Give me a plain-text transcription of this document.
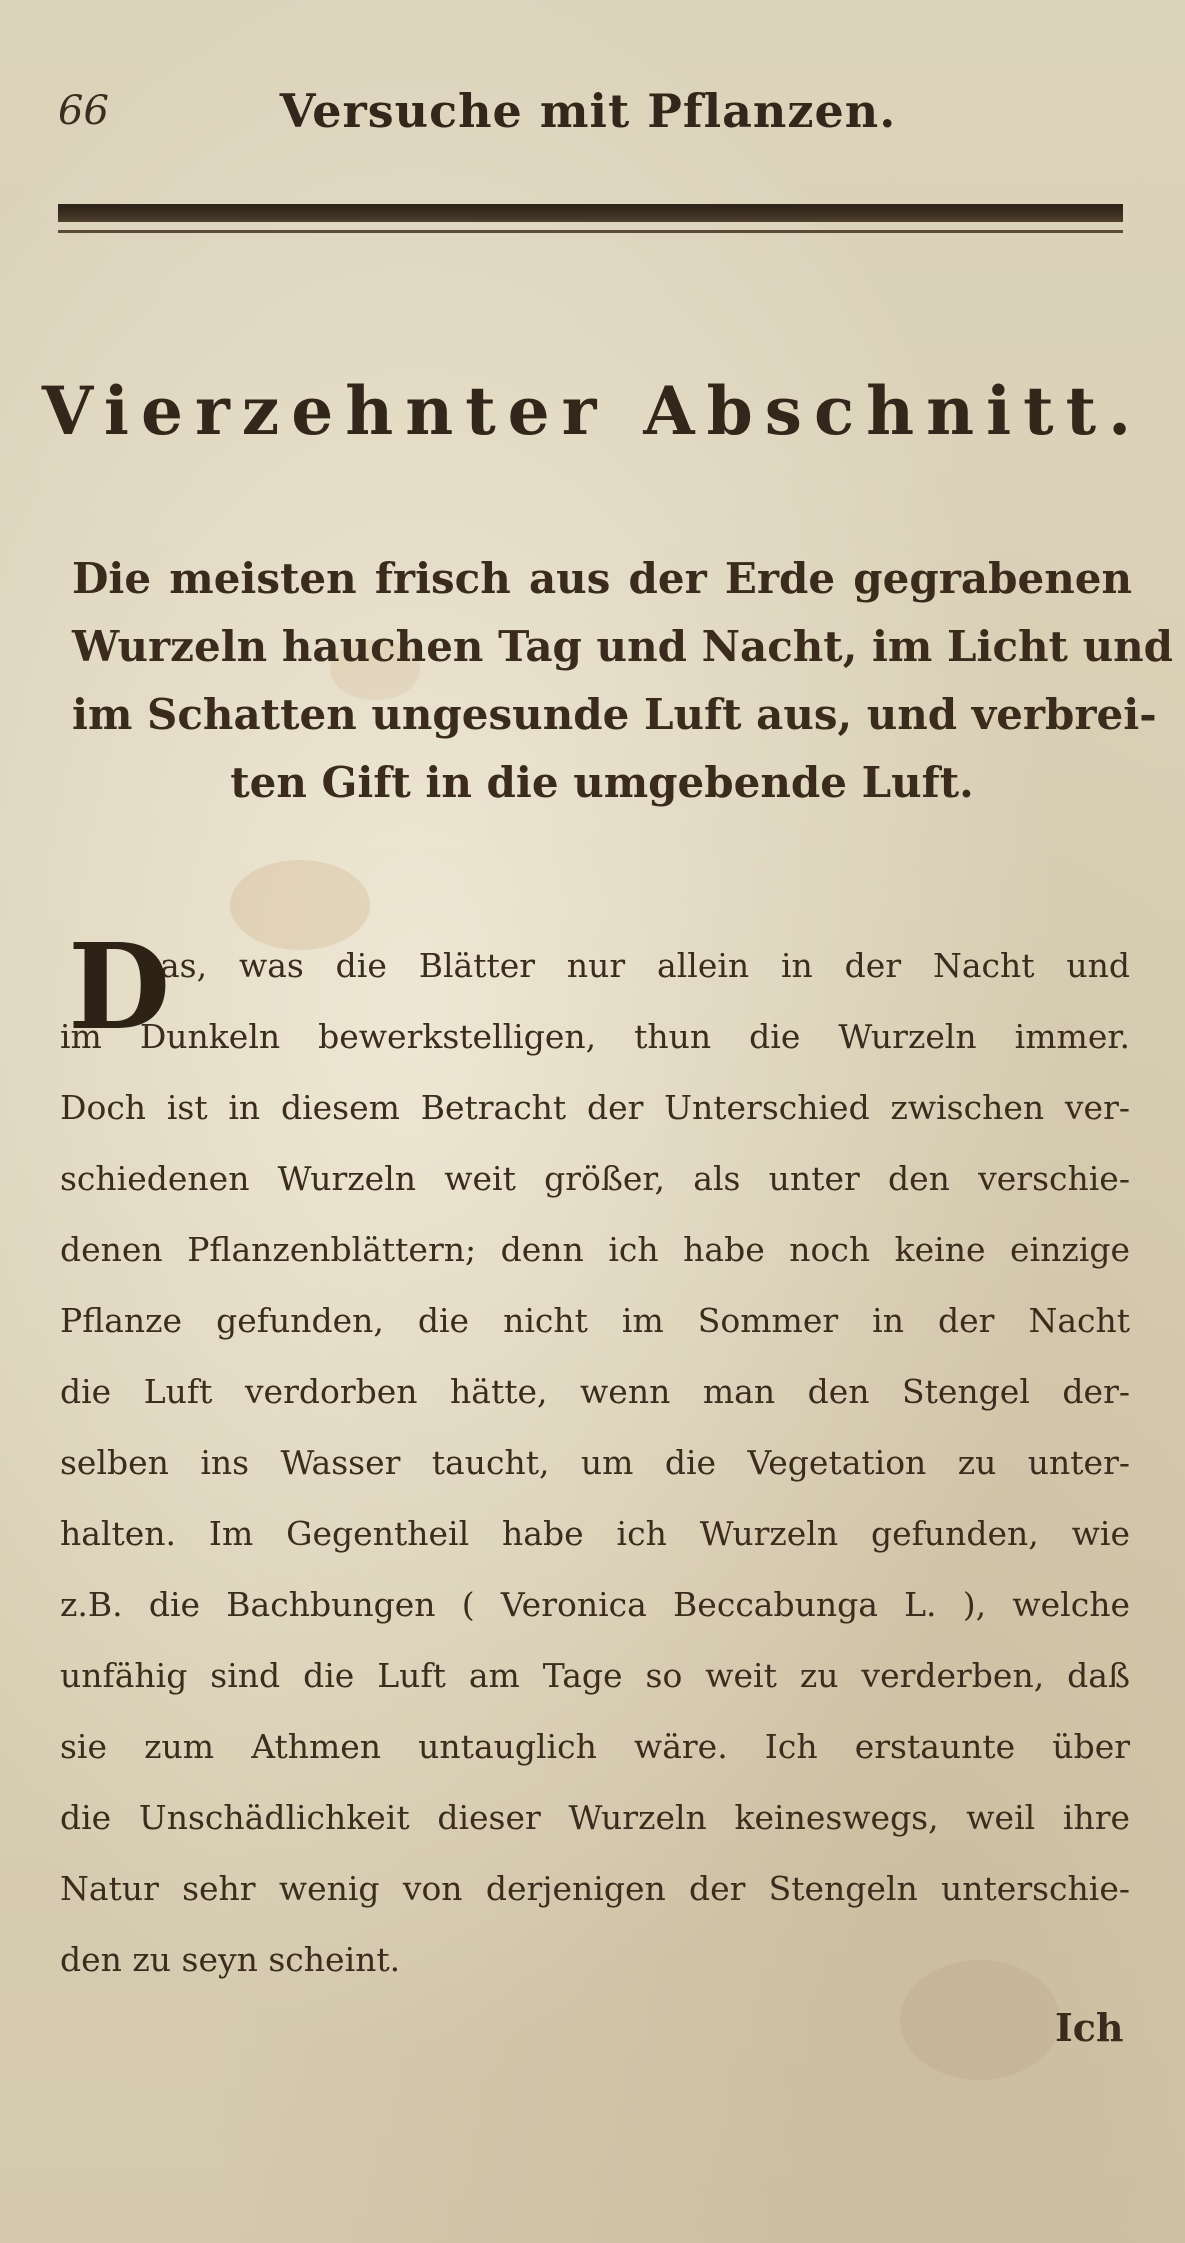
66	Versuche mit Pflanzen.
Vierzehnter Abschnitt.
Die meisten frisch aus der Erde gegrabenen
Wurzeln hauchen Tag und Nacht, im Licht und
im Schatten ungesunde Luft aus, und verbrei-
ten Gift in die umgebende Luft.
D
as, was die Blätter nur allein in der Nacht und
im Dunkeln bewerkstelligen, thun die Wurzeln immer.
Doch ist in diesem Betracht der Unterschied zwischen ver-
schiedenen Wurzeln weit größer, als unter den verschie-
denen Pflanzenblättern; denn ich habe noch keine einzige
Pflanze gefunden, die nicht im Sommer in der Nacht
die Luft verdorben hätte, wenn man den Stengel der-
selben ins Wasser taucht, um die Vegetation zu unter-
halten. Im Gegentheil habe ich Wurzeln gefunden, wie
z.B. die Bachbungen ( Veronica Beccabunga L. ), welche
unfähig sind die Luft am Tage so weit zu verderben, daß
sie zum Athmen untauglich wäre. Ich erstaunte über
die Unschädlichkeit dieser Wurzeln keineswegs, weil ihre
Natur sehr wenig von derjenigen der Stengeln unterschie-
den zu seyn scheint.
Ich
